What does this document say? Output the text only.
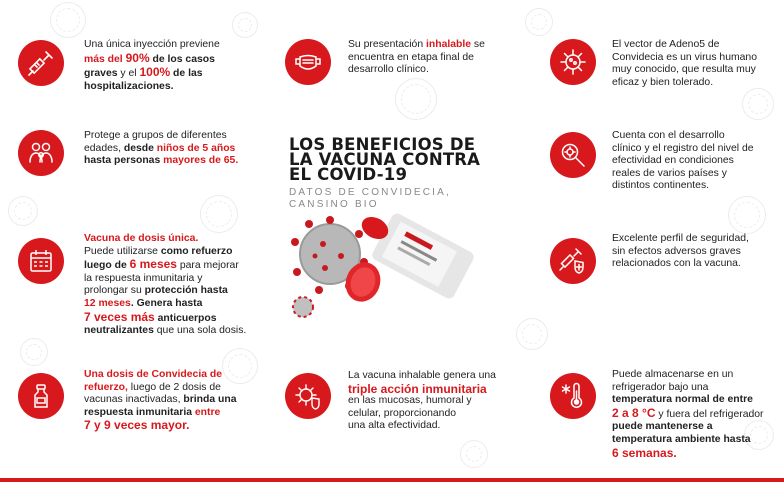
Una única inyección previene
más del 90% de los casos
graves y el 100% de las
hospitalizaciones.
Protege a grupos de diferentes
edades, desde niños de 5 años
hasta personas mayores de 65.
Vacuna de dosis única.
Puede utilizarse como refuerzo
luego de 6 meses para mejorar
la respuesta inmunitaria y
prolongar su protección hasta
12 meses. Genera hasta
7 veces más anticuerpos
neutralizantes que una sola dosis.
Una dosis de Convidecia de
refuerzo, luego de 2 dosis de
vacunas inactivadas, brinda una
respuesta inmunitaria entre
7 y 9 veces mayor.
Su presentación inhalable se
encuentra en etapa final de
desarrollo clínico.
LOS BENEFICIOS DE
LA VACUNA CONTRA
EL COVID-19
DATOS DE CONVIDECIA,
CANSINO BIO
La vacuna inhalable genera una
triple acción inmunitaria
en las mucosas, humoral y
celular, proporcionando
una alta efectividad.
El vector de Adeno5 de
Convidecia es un virus humano
muy conocido, que resulta muy
eficaz y bien tolerado.
Cuenta con el desarrollo
clínico y el registro del nivel de
efectividad en condiciones
reales de varios países y
distintos continentes.
Excelente perfil de seguridad,
sin efectos adversos graves
relacionados con la vacuna.
Puede almacenarse en un
refrigerador bajo una
temperatura normal de entre
2 a 8 °C y fuera del refrigerador
puede mantenerse a
temperatura ambiente hasta
6 semanas.
